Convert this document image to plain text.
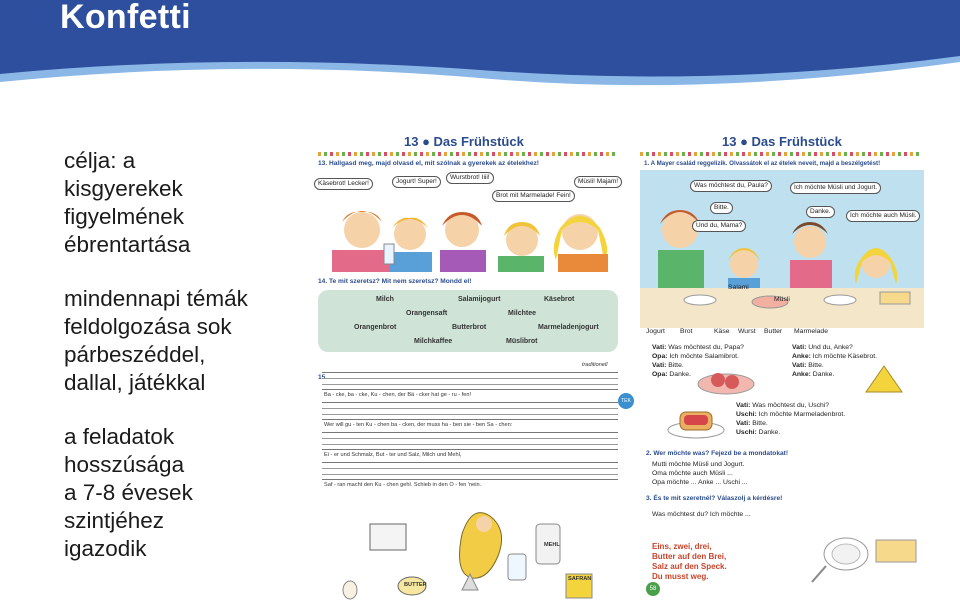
Konfetti
célja: a
kisgyerekek
figyelmének
ébrentartása
mindennapi témák
feldolgozása sok
párbeszéddel,
dallal, játékkal
a feladatok
hosszúsága
a 7-8 évesek
szintjéhez
igazodik
13 ● Das Frühstück
13. Hallgasd meg, majd olvasd el, mit szólnak a gyerekek az ételekhez!
Käsebrot! Lecker!	Jogurt! Super!
Wurstbrot! Iiii!
Brot mit Marmelade! Fein!
Müsli! Majam!
14. Te mit szeretsz? Mit nem szeretsz? Mondd el!
Milch	Salamijogurt	Käsebrot
Orangensaft	Milchtee
Orangenbrot	Butterbrot	Marmeladenjogurt
Milchkaffee	Müslibrot
15.
traditionell
TEK
Ba - cke, ba - cke, Ku - chen, der Bä - cker hat ge - ru - fen!
Wer will gu - ten Ku - chen ba - cken, der muss ha - ben sie - ben Sa - chen:
Ei - er und Schmalz, But - ter und Salz, Milch und Mehl,
Saf - ran macht den Ku - chen gehl. Schieb in den O - fen 'nein.
MEHL
BUTTER
SAFRAN
13 ● Das Frühstück
1. A Mayer család reggelizik. Olvassátok el az ételek neveit, majd a beszélgetést!
Was möchtest du, Paula?	Ich möchte Müsli und Jogurt.
Bitte.
Danke.
Und du, Mama?
Ich möchte auch Müsli.
Jogurt Brot	Käse Wurst Butter Marmelade
Salami
Müsli
Vati: Was möchtest du, Papa?
Opa: Ich möchte Salamibrot.
Vati: Bitte.
Opa: Danke.
Vati: Und du, Anke?
Anke: Ich möchte Käsebrot.
Vati: Bitte.
Anke: Danke.
Vati: Was möchtest du, Uschi?
Uschi: Ich möchte Marmeladenbrot.
Vati: Bitte.
Uschi: Danke.
2. Wer möchte was? Fejezd be a mondatokat!
Mutti möchte Müsli und Jogurt.
Oma möchte auch Müsli ...
Opa möchte ... Anke ... Uschi ...
3. És te mit szeretnél? Válaszolj a kérdésre!
Was möchtest du? Ich möchte ...
Eins, zwei, drei,
Butter auf den Brei,
Salz auf den Speck.
Du musst weg.
58
